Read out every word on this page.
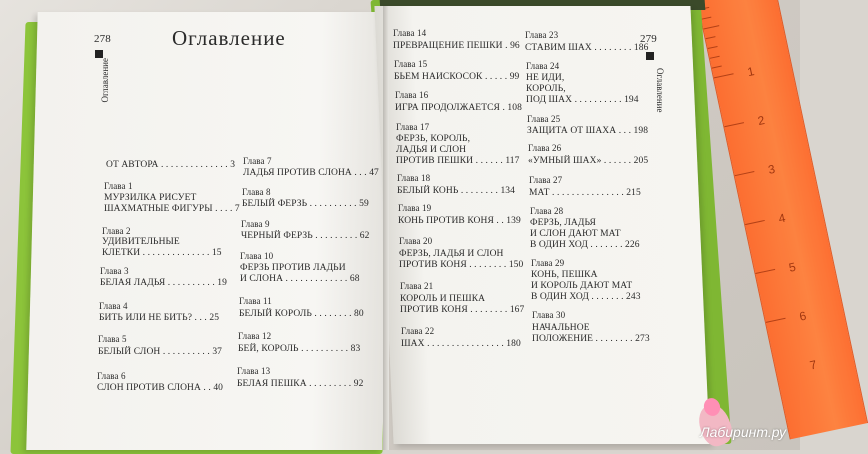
1
2
3
4
5
6
7
278	Оглавление
Оглавление
279
Оглавление
ОТ АВТОРА . . . . . . . . . . . . . . 3
Глава 1
МУРЗИЛКА РИСУЕТ
ШАХМАТНЫЕ ФИГУРЫ . . . . 7
Глава 2
УДИВИТЕЛЬНЫЕ
КЛЕТКИ . . . . . . . . . . . . . . 15
Глава 3
БЕЛАЯ ЛАДЬЯ . . . . . . . . . . 19
Глава 4
БИТЬ ИЛИ НЕ БИТЬ? . . . 25
Глава 5
БЕЛЫЙ СЛОН . . . . . . . . . . 37
Глава 6
СЛОН ПРОТИВ СЛОНА . . 40
Глава 7
ЛАДЬЯ ПРОТИВ СЛОНА . . . 47
Глава 8
БЕЛЫЙ ФЕРЗЬ . . . . . . . . . . 59
Глава 9
ЧЕРНЫЙ ФЕРЗЬ . . . . . . . . . 62
Глава 10
ФЕРЗЬ ПРОТИВ ЛАДЬИ
И СЛОНА . . . . . . . . . . . . . 68
Глава 11
БЕЛЫЙ КОРОЛЬ . . . . . . . . 80
Глава 12
БЕЙ, КОРОЛЬ . . . . . . . . . . 83
Глава 13
БЕЛАЯ ПЕШКА . . . . . . . . . 92
Глава 14
ПРЕВРАЩЕНИЕ ПЕШКИ . 96
Глава 15
БЬЕМ НАИСКОСОК . . . . . 99
Глава 16
ИГРА ПРОДОЛЖАЕТСЯ . 108
Глава 17
ФЕРЗЬ, КОРОЛЬ,
ЛАДЬЯ И СЛОН
ПРОТИВ ПЕШКИ . . . . . . 117
Глава 18
БЕЛЫЙ КОНЬ . . . . . . . . 134
Глава 19
КОНЬ ПРОТИВ КОНЯ . . 139
Глава 20
ФЕРЗЬ, ЛАДЬЯ И СЛОН
ПРОТИВ КОНЯ . . . . . . . . 150
Глава 21
КОРОЛЬ И ПЕШКА
ПРОТИВ КОНЯ . . . . . . . . 167
Глава 22
ШАХ . . . . . . . . . . . . . . . . 180
Глава 23
СТАВИМ ШАХ . . . . . . . . 186
Глава 24
НЕ ИДИ,
КОРОЛЬ,
ПОД ШАХ . . . . . . . . . . 194
Глава 25
ЗАЩИТА ОТ ШАХА . . . 198
Глава 26
«УМНЫЙ ШАХ» . . . . . . 205
Глава 27
МАТ . . . . . . . . . . . . . . . 215
Глава 28
ФЕРЗЬ, ЛАДЬЯ
И СЛОН ДАЮТ МАТ
В ОДИН ХОД . . . . . . . 226
Глава 29
КОНЬ, ПЕШКА
И КОРОЛЬ ДАЮТ МАТ
В ОДИН ХОД . . . . . . . 243
Глава 30
НАЧАЛЬНОЕ
ПОЛОЖЕНИЕ . . . . . . . . 273
Лабиринт.ру
